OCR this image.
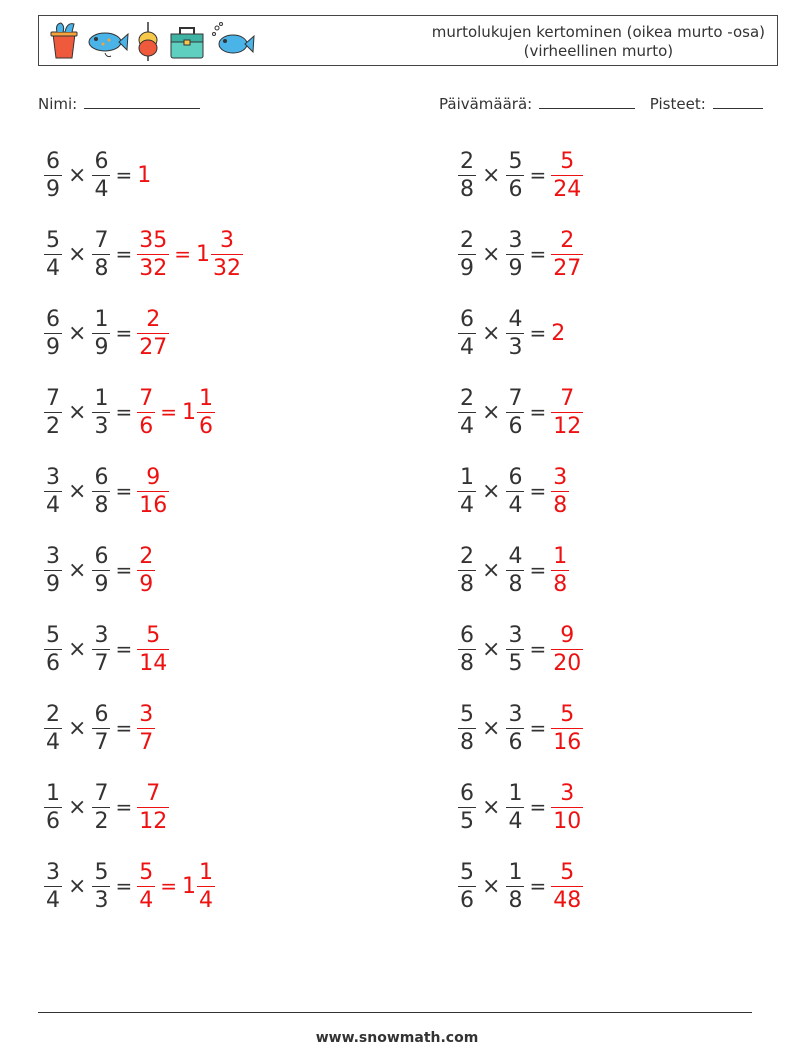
murtolukujen kertominen (oikea murto -osa)
(virheellinen murto)
Nimi:	Päivämäärä:	Pisteet:
$\frac{6}{9} \times \frac{6}{4} = 1$	$\frac{2}{8} \times \frac{5}{6} = \frac{5}{24}$
$\frac{5}{4} \times \frac{7}{8} = \frac{35}{32} = 1 \frac{3}{32}$	$\frac{2}{9} \times \frac{3}{9} = \frac{2}{27}$
$\frac{6}{9} \times \frac{1}{9} = \frac{2}{27}$	$\frac{6}{4} \times \frac{4}{3} = 2$
$\frac{7}{2} \times \frac{1}{3} = \frac{7}{6} = 1 \frac{1}{6}$	$\frac{2}{4} \times \frac{7}{6} = \frac{7}{12}$
$\frac{3}{4} \times \frac{6}{8} = \frac{9}{16}$	$\frac{1}{4} \times \frac{6}{4} = \frac{3}{8}$
$\frac{3}{9} \times \frac{6}{9} = \frac{2}{9}$	$\frac{2}{8} \times \frac{4}{8} = \frac{1}{8}$
$\frac{5}{6} \times \frac{3}{7} = \frac{5}{14}$	$\frac{6}{8} \times \frac{3}{5} = \frac{9}{20}$
$\frac{2}{4} \times \frac{6}{7} = \frac{3}{7}$	$\frac{5}{8} \times \frac{3}{6} = \frac{5}{16}$
$\frac{1}{6} \times \frac{7}{2} = \frac{7}{12}$	$\frac{6}{5} \times \frac{1}{4} = \frac{3}{10}$
$\frac{3}{4} \times \frac{5}{3} = \frac{5}{4} = 1 \frac{1}{4}$	$\frac{5}{6} \times \frac{1}{8} = \frac{5}{48}$
www.snowmath.com
